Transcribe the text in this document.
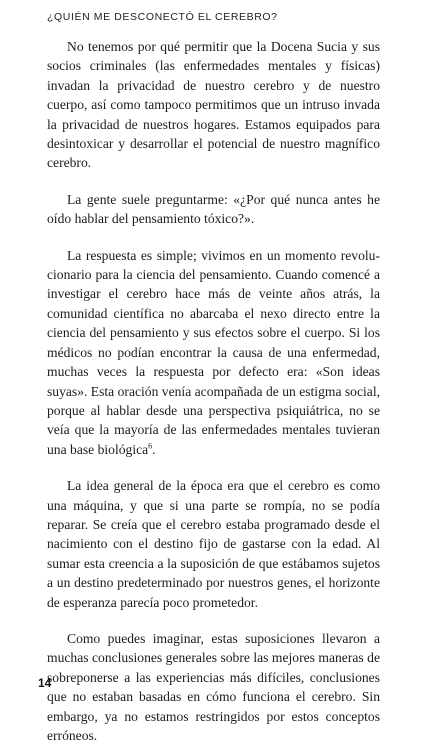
¿QUIÉN ME DESCONECTÓ EL CEREBRO?

No tenemos por qué permitir que la Docena Sucia y sus socios criminales (las enfermedades mentales y físicas) invadan la privacidad de nuestro cerebro y de nuestro cuerpo, así como tampoco permitimos que un intruso invada la privacidad de nuestros hogares. Estamos equipados para desintoxicar y desarrollar el potencial de nuestro magnífico cerebro.

La gente suele preguntarme: «¿Por qué nunca antes he oído hablar del pensamiento tóxico?».

La respuesta es simple; vivimos en un momento revolucionario para la ciencia del pensamiento. Cuando comencé a investigar el cerebro hace más de veinte años atrás, la comunidad científica no abarcaba el nexo directo entre la ciencia del pensamiento y sus efectos sobre el cuerpo. Si los médicos no podían encontrar la causa de una enfermedad, muchas veces la respuesta por defecto era: «Son ideas suyas». Esta oración venía acompañada de un estigma social, porque al hablar desde una perspectiva psiquiátrica, no se veía que la mayoría de las enfermedades mentales tuvieran una base biológica$^6$.

La idea general de la época era que el cerebro es como una máquina, y que si una parte se rompía, no se podía reparar. Se creía que el cerebro estaba programado desde el nacimiento con el destino fijo de gastarse con la edad. Al sumar esta creencia a la suposición de que estábamos sujetos a un destino predeterminado por nuestros genes, el horizonte de esperanza parecía poco prometedor.

Como puedes imaginar, estas suposiciones llevaron a muchas conclusiones generales sobre las mejores maneras de sobreponerse a las experiencias más difíciles, conclusiones que no estaban basadas en cómo funciona el cerebro. Sin embargo, ya no estamos restringidos por estos conceptos erróneos.

14
